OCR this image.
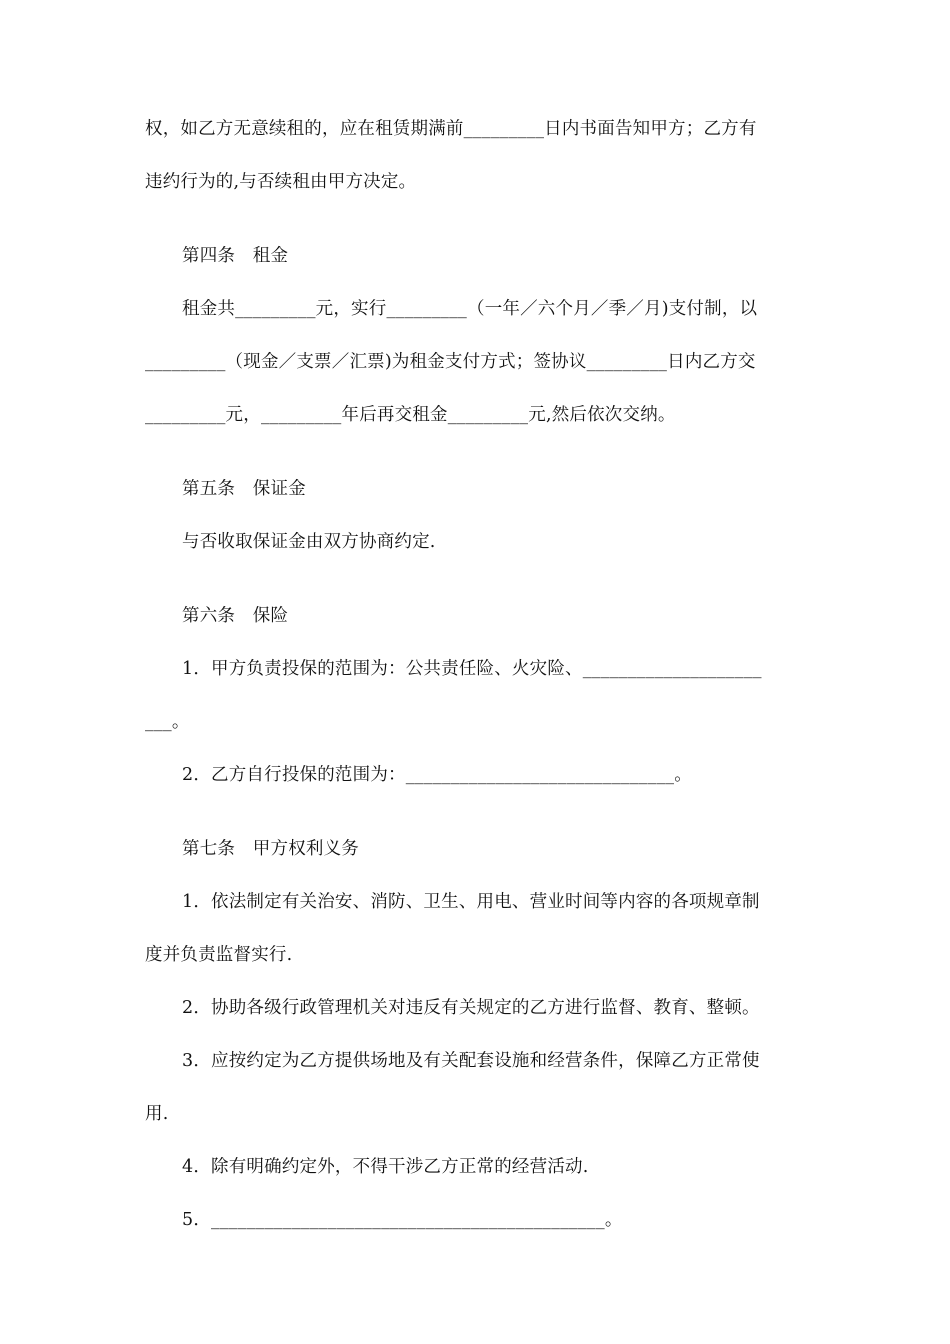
权，如乙方无意续租的，应在租赁期满前_________日内书面告知甲方；乙方有
违约行为的,与否续租由甲方决定。
第四条　租金
租金共_________元，实行_________（一年／六个月／季／月)支付制，以
_________（现金／支票／汇票)为租金支付方式；签协议_________日内乙方交
_________元，_________年后再交租金_________元,然后依次交纳。
第五条　保证金
与否收取保证金由双方协商约定.
第六条　保险
1．甲方负责投保的范围为：公共责任险、火灾险、____________________
___。
2．乙方自行投保的范围为：______________________________。
第七条　甲方权利义务
1．依法制定有关治安、消防、卫生、用电、营业时间等内容的各项规章制
度并负责监督实行.
2．协助各级行政管理机关对违反有关规定的乙方进行监督、教育、整顿。
3．应按约定为乙方提供场地及有关配套设施和经营条件，保障乙方正常使
用.
4．除有明确约定外，不得干涉乙方正常的经营活动.
5．____________________________________________。
